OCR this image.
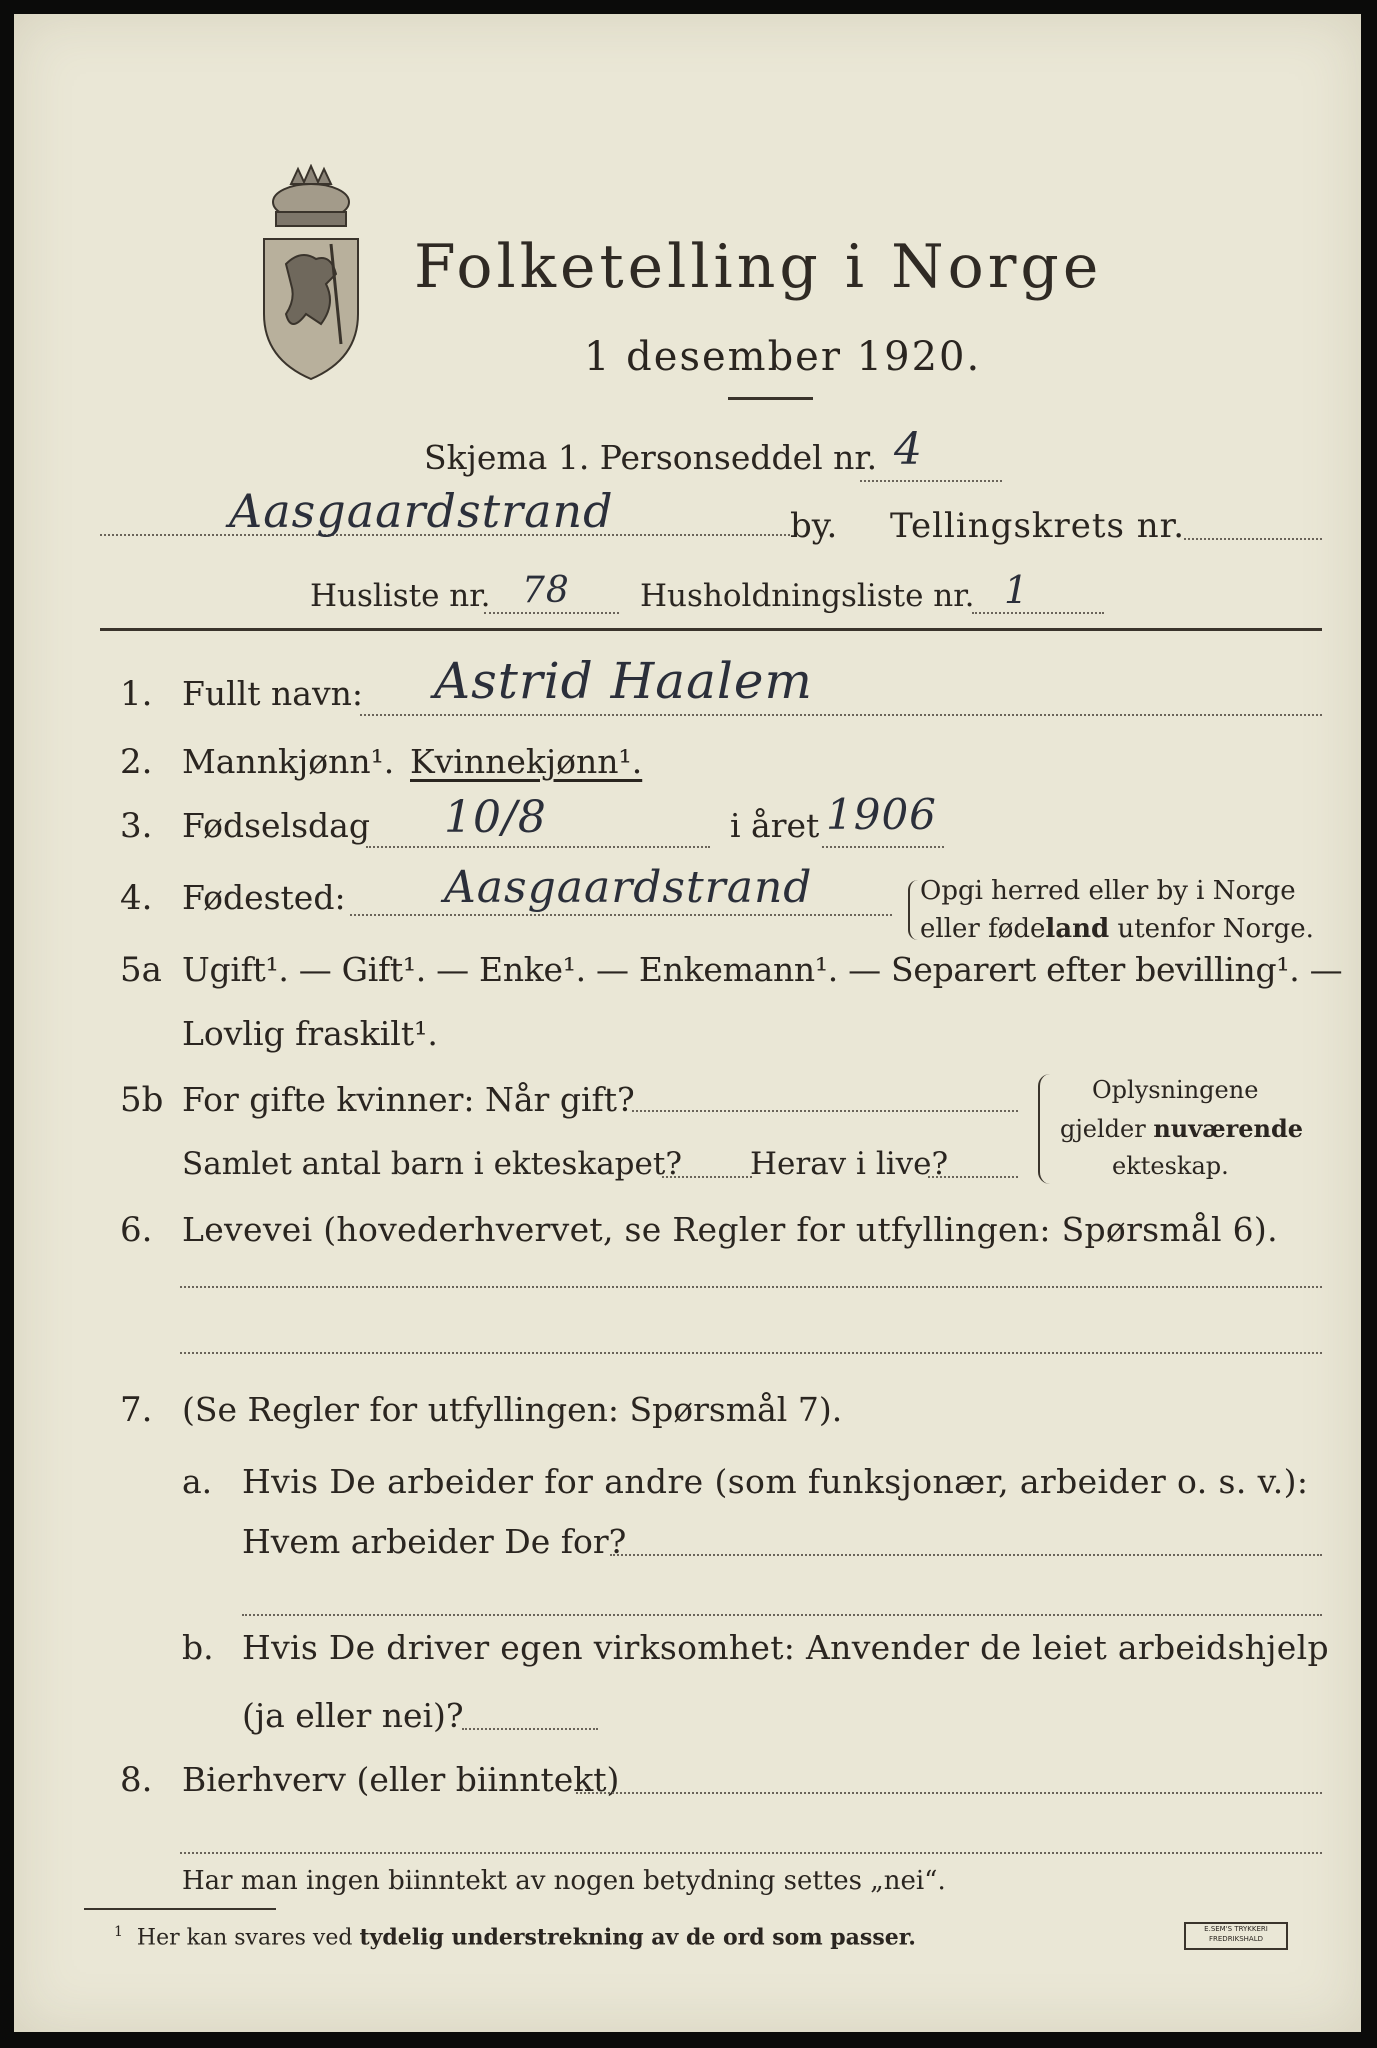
Folketelling i Norge
1 desember 1920.
Skjema 1. Personseddel nr. 4
Aasgaardstrand	by. Tellingskrets nr.
Husliste nr. 78 Husholdningsliste nr. 1
1. Fullt navn: Astrid Haalem
2. Mannkjønn¹. Kvinnekjønn¹.
3. Fødselsdag 10/8	i året 1906
4. Fødested: Aasgaardstrand	Opgi herred eller by i Norge
eller fødeland utenfor Norge.
5a Ugift¹. — Gift¹. — Enke¹. — Enkemann¹. — Separert efter bevilling¹. —
Lovlig fraskilt¹.
5b For gifte kvinner: Når gift?
Samlet antal barn i ekteskapet? Herav i live?
Oplysningene
gjelder nuværende
ekteskap.
6. Levevei (hovederhvervet, se Regler for utfyllingen: Spørsmål 6).
7. (Se Regler for utfyllingen: Spørsmål 7).
a. Hvis De arbeider for andre (som funksjonær, arbeider o. s. v.):
Hvem arbeider De for?
b. Hvis De driver egen virksomhet: Anvender de leiet arbeidshjelp
(ja eller nei)?
8. Bierhverv (eller biinntekt)
Har man ingen biinntekt av nogen betydning settes „nei“.
$^1$ Her kan svares ved tydelig understrekning av de ord som passer.	E.SEM'S TRYKKERI
FREDRIKSHALD
